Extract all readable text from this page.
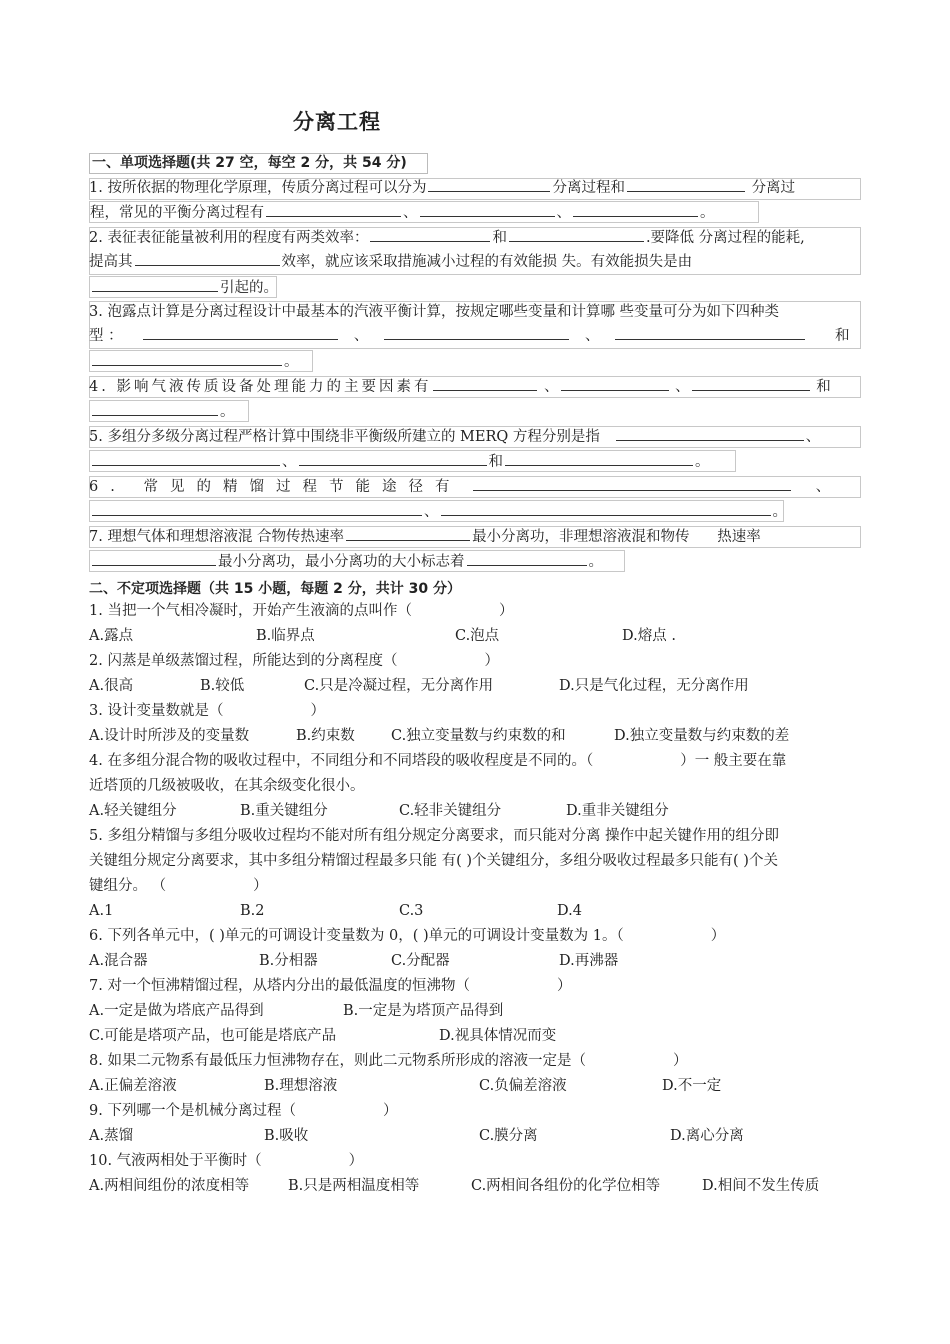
分离工程
一、单项选择题(共 27 空，每空 2 分，共 54 分)
1. 按所依据的物理化学原理，传质分离过程可以分为	分离过程和	分离过
程，常见的平衡分离过程有	、	、	。
2. 表征表征能量被利用的程度有两类效率：	和	.要降低 分离过程的能耗,
提高其	效率，就应该采取措施减小过程的有效能损 失。有效能损失是由
引起的。
3. 泡露点计算是分离过程设计中最基本的汽液平衡计算，按规定哪些变量和计算哪 些变量可分为如下四种类
型 ：	、	、	和
。
4. 影响气液传质设备处理能力的主要因素有	、	、	和
。
5. 多组分多级分离过程严格计算中围绕非平衡级所建立的 MERQ 方程分别是指	、
、	和	。
6. 常见的精馏过程节能途径有	、
、	。
7. 理想气体和理想溶液混 合物传热速率	最小分离功，非理想溶液混和物传 热速率
最小分离功，最小分离功的大小标志着	。
二、不定项选择题（共 15 小题，每题 2 分，共计 30 分）
1. 当把一个气相冷凝时，开始产生液滴的点叫作（　　　　　　）
A.露点	B.临界点	C.泡点	D.熔点 .
2. 闪蒸是单级蒸馏过程，所能达到的分离程度（　　　　　　）
A.很高	B.较低	C.只是冷凝过程，无分离作用	D.只是气化过程，无分离作用
3. 设计变量数就是（　　　　　　）
A.设计时所涉及的变量数	B.约束数 C.独立变量数与约束数的和	D.独立变量数与约束数的差
4. 在多组分混合物的吸收过程中，不同组分和不同塔段的吸收程度是不同的。（　　　　　　）一 般主要在靠
近塔顶的几级被吸收，在其余级变化很小。
A.轻关键组分	B.重关键组分	C.轻非关键组分	D.重非关键组分
5. 多组分精馏与多组分吸收过程均不能对所有组分规定分离要求，而只能对分离 操作中起关键作用的组分即
关键组分规定分离要求，其中多组分精馏过程最多只能 有( )个关键组分，多组分吸收过程最多只能有( )个关
键组分。 （　　　　　　）
A.1	B.2	C.3	D.4
6. 下列各单元中，( )单元的可调设计变量数为 0，( )单元的可调设计变量数为 1。（　　　　　　）
A.混合器	B.分相器	C.分配器	D.再沸器
7. 对一个恒沸精馏过程，从塔内分出的最低温度的恒沸物（　　　　　　）
A.一定是做为塔底产品得到	B.一定是为塔顶产品得到
C.可能是塔项产品，也可能是塔底产品	D.视具体情况而变
8. 如果二元物系有最低压力恒沸物存在，则此二元物系所形成的溶液一定是（　　　　　　）
A.正偏差溶液	B.理想溶液	C.负偏差溶液	D.不一定
9. 下列哪一个是机械分离过程（　　　　　　）
A.蒸馏	B.吸收	C.膜分离	D.离心分离
10. 气液两相处于平衡时（　　　　　　）
A.两相间组份的浓度相等	B.只是两相温度相等	C.两相间各组份的化学位相等	D.相间不发生传质
